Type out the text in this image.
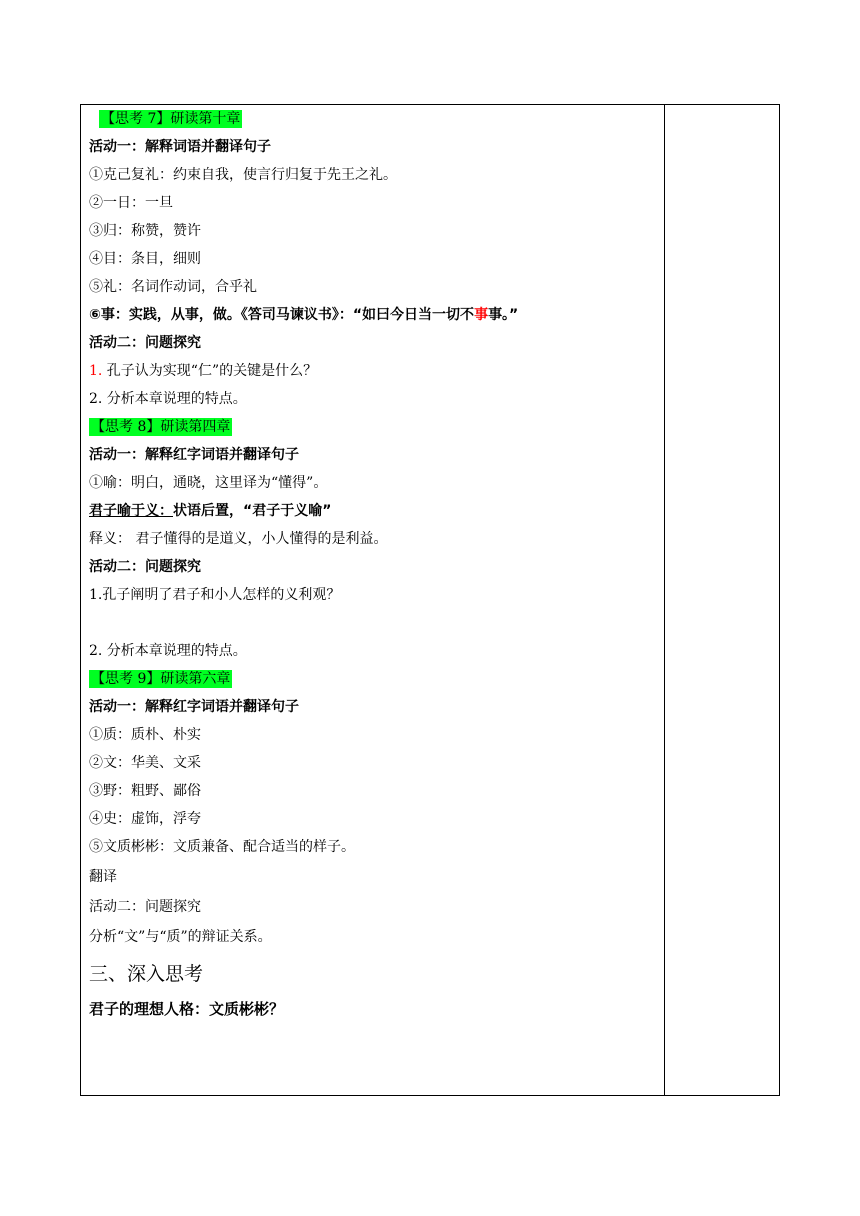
【思考 7】研读第十章
活动一：解释词语并翻译句子
①克己复礼：约束自我，使言行归复于先王之礼。
②一日：一旦
③归：称赞，赞许
④目：条目，细则
⑤礼：名词作动词，合乎礼
⑥事：实践，从事，做。《答司马谏议书》：“如曰今日当一切不事事。”
活动二：问题探究
1. 孔子认为实现“仁”的关键是什么？
2. 分析本章说理的特点。
【思考 8】研读第四章
活动一：解释红字词语并翻译句子
①喻：明白，通晓，这里译为“懂得”。
君子喻于义：状语后置，“君子于义喻”
释义： 君子懂得的是道义，小人懂得的是利益。
活动二：问题探究
1.孔子阐明了君子和小人怎样的义利观？
2. 分析本章说理的特点。
【思考 9】研读第六章
活动一：解释红字词语并翻译句子
①质：质朴、朴实
②文：华美、文采
③野：粗野、鄙俗
④史：虚饰，浮夸
⑤文质彬彬：文质兼备、配合适当的样子。
翻译
活动二：问题探究
分析“文”与“质”的辩证关系。
三、深入思考
君子的理想人格：文质彬彬？
